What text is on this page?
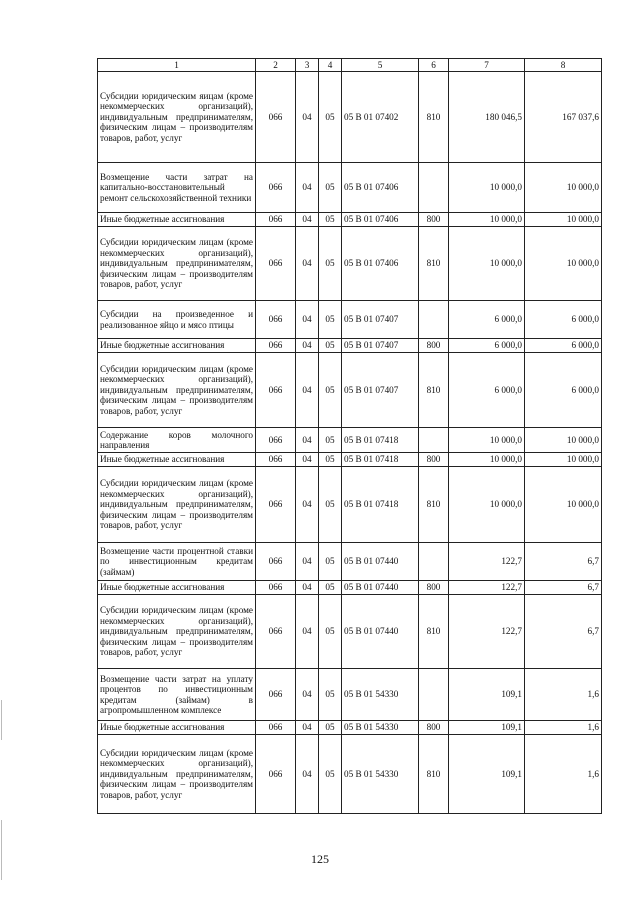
1	2	3	4	5	6	7	8
Субсидии юридическим яицам (кроме некоммерческих организаций), индивидуальным предпринимателям, физическим лицам – производителям товаров, работ, услуг	066	04	05	05 В 01 07402	810	180 046,5	167 037,6
Возмещение части затрат на капитально-восстановительный ремонт сельскохозяйственной техники	066	04	05	05 В 01 07406		10 000,0	10 000,0
Иные бюджетные ассигнования	066	04	05	05 В 01 07406	800	10 000,0	10 000,0
Субсидии юридическим лицам (кроме некоммерческих организаций), индивидуальным предпринимателям, физическим лицам – производителям товаров, работ, услуг	066	04	05	05 В 01 07406	810	10 000,0	10 000,0
Субсидии на произведенное и реализованное яйцо и мясо птицы	066	04	05	05 В 01 07407		6 000,0	6 000,0
Иные бюджетные ассигнования	066	04	05	05 В 01 07407	800	6 000,0	6 000,0
Субсидии юридическим лицам (кроме некоммерческих организаций), индивидуальным предпринимателям, физическим лицам – производителям товаров, работ, услуг	066	04	05	05 В 01 07407	810	6 000,0	6 000,0
Содержание коров молочного направления	066	04	05	05 В 01 07418		10 000,0	10 000,0
Иные бюджетные ассигнования	066	04	05	05 В 01 07418	800	10 000,0	10 000,0
Субсидии юридическим лицам (кроме некоммерческих организаций), индивидуальным предпринимателям, физическим лицам – производителям товаров, работ, услуг	066	04	05	05 В 01 07418	810	10 000,0	10 000,0
Возмещение части процентной ставки по инвестиционным кредитам (займам)	066	04	05	05 В 01 07440		122,7	6,7
Иные бюджетные ассигнования	066	04	05	05 В 01 07440	800	122,7	6,7
Субсидии юридическим лицам (кроме некоммерческих организаций), индивидуальным предпринимателям, физическим лицам – производителям товаров, работ, услуг	066	04	05	05 В 01 07440	810	122,7	6,7
Возмещение части затрат на уплату процентов по инвестиционным кредитам (займам) в агропромышленном комплексе	066	04	05	05 В 01 54330		109,1	1,6
Иные бюджетные ассигнования	066	04	05	05 В 01 54330	800	109,1	1,6
Субсидии юридическим лицам (кроме некоммерческих организаций), индивидуальным предпринимателям, физическим лицам – производителям товаров, работ, услуг	066	04	05	05 В 01 54330	810	109,1	1,6
125
